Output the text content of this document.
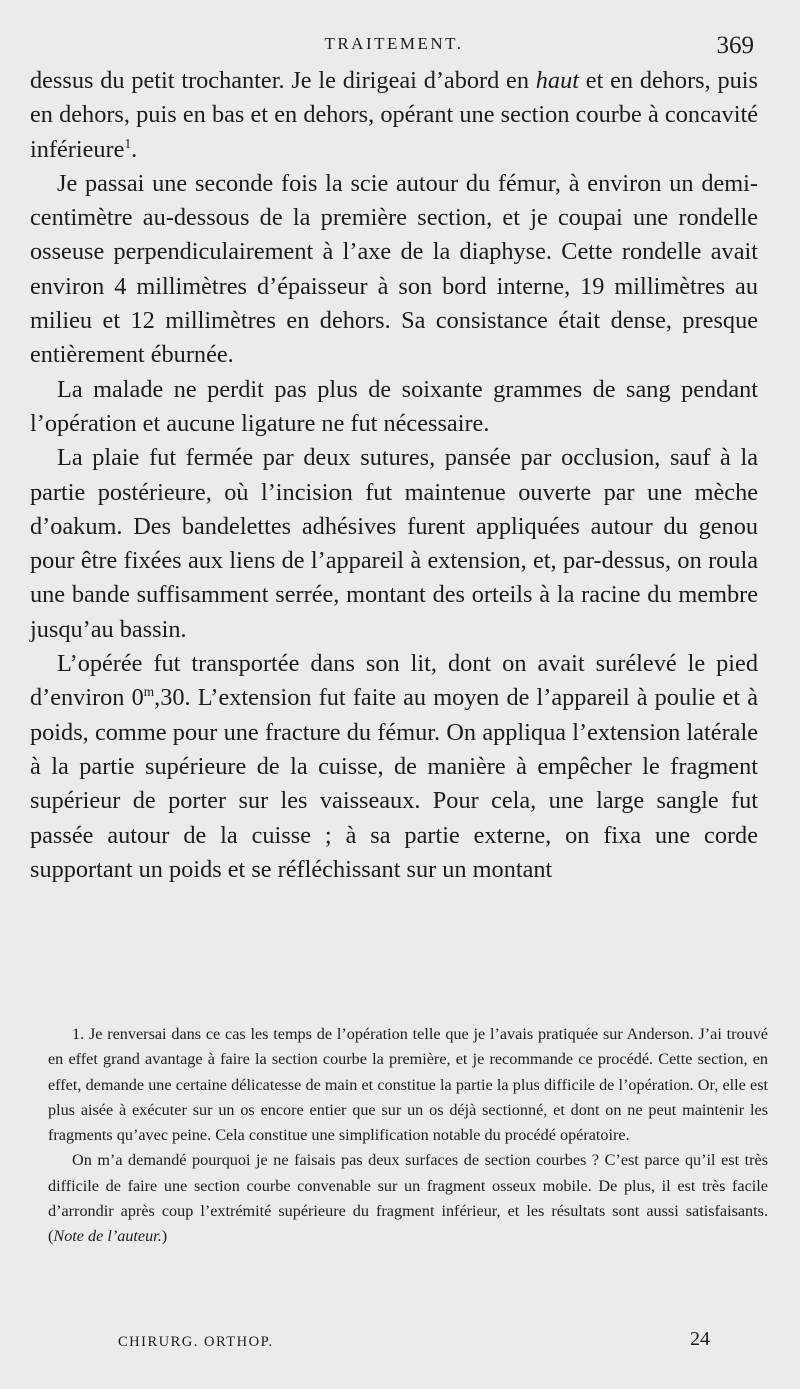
TRAITEMENT.	369

dessus du petit trochanter. Je le dirigeai d’abord en haut et en dehors, puis en dehors, puis en bas et en dehors, opérant une section courbe à concavité inférieure$^1$.

Je passai une seconde fois la scie autour du fémur, à environ un demi-centimètre au-dessous de la première section, et je coupai une rondelle osseuse perpendiculairement à l’axe de la diaphyse. Cette rondelle avait environ 4 millimètres d’épaisseur à son bord interne, 19 millimètres au milieu et 12 millimètres en dehors. Sa consistance était dense, presque entièrement éburnée.

La malade ne perdit pas plus de soixante grammes de sang pendant l’opération et aucune ligature ne fut nécessaire.

La plaie fut fermée par deux sutures, pansée par occlusion, sauf à la partie postérieure, où l’incision fut maintenue ouverte par une mèche d’oakum. Des bandelettes adhésives furent appliquées autour du genou pour être fixées aux liens de l’appareil à extension, et, par-dessus, on roula une bande suffisamment serrée, montant des orteils à la racine du membre jusqu’au bassin.

L’opérée fut transportée dans son lit, dont on avait surélevé le pied d’environ 0$^m$,30. L’extension fut faite au moyen de l’appareil à poulie et à poids, comme pour une fracture du fémur. On appliqua l’extension latérale à la partie supérieure de la cuisse, de manière à empêcher le fragment supérieur de porter sur les vaisseaux. Pour cela, une large sangle fut passée autour de la cuisse ; à sa partie externe, on fixa une corde supportant un poids et se réfléchissant sur un montant

1. Je renversai dans ce cas les temps de l’opération telle que je l’avais pratiquée sur Anderson. J’ai trouvé en effet grand avantage à faire la section courbe la première, et je recommande ce procédé. Cette section, en effet, demande une certaine délicatesse de main et constitue la partie la plus difficile de l’opération. Or, elle est plus aisée à exécuter sur un os encore entier que sur un os déjà sectionné, et dont on ne peut maintenir les fragments qu’avec peine. Cela constitue une simplification notable du procédé opératoire.

On m’a demandé pourquoi je ne faisais pas deux surfaces de section courbes ? C’est parce qu’il est très difficile de faire une section courbe convenable sur un fragment osseux mobile. De plus, il est très facile d’arrondir après coup l’extrémité supérieure du fragment inférieur, et les résultats sont aussi satisfaisants. (Note de l’auteur.)

CHIRURG. ORTHOP.	24
